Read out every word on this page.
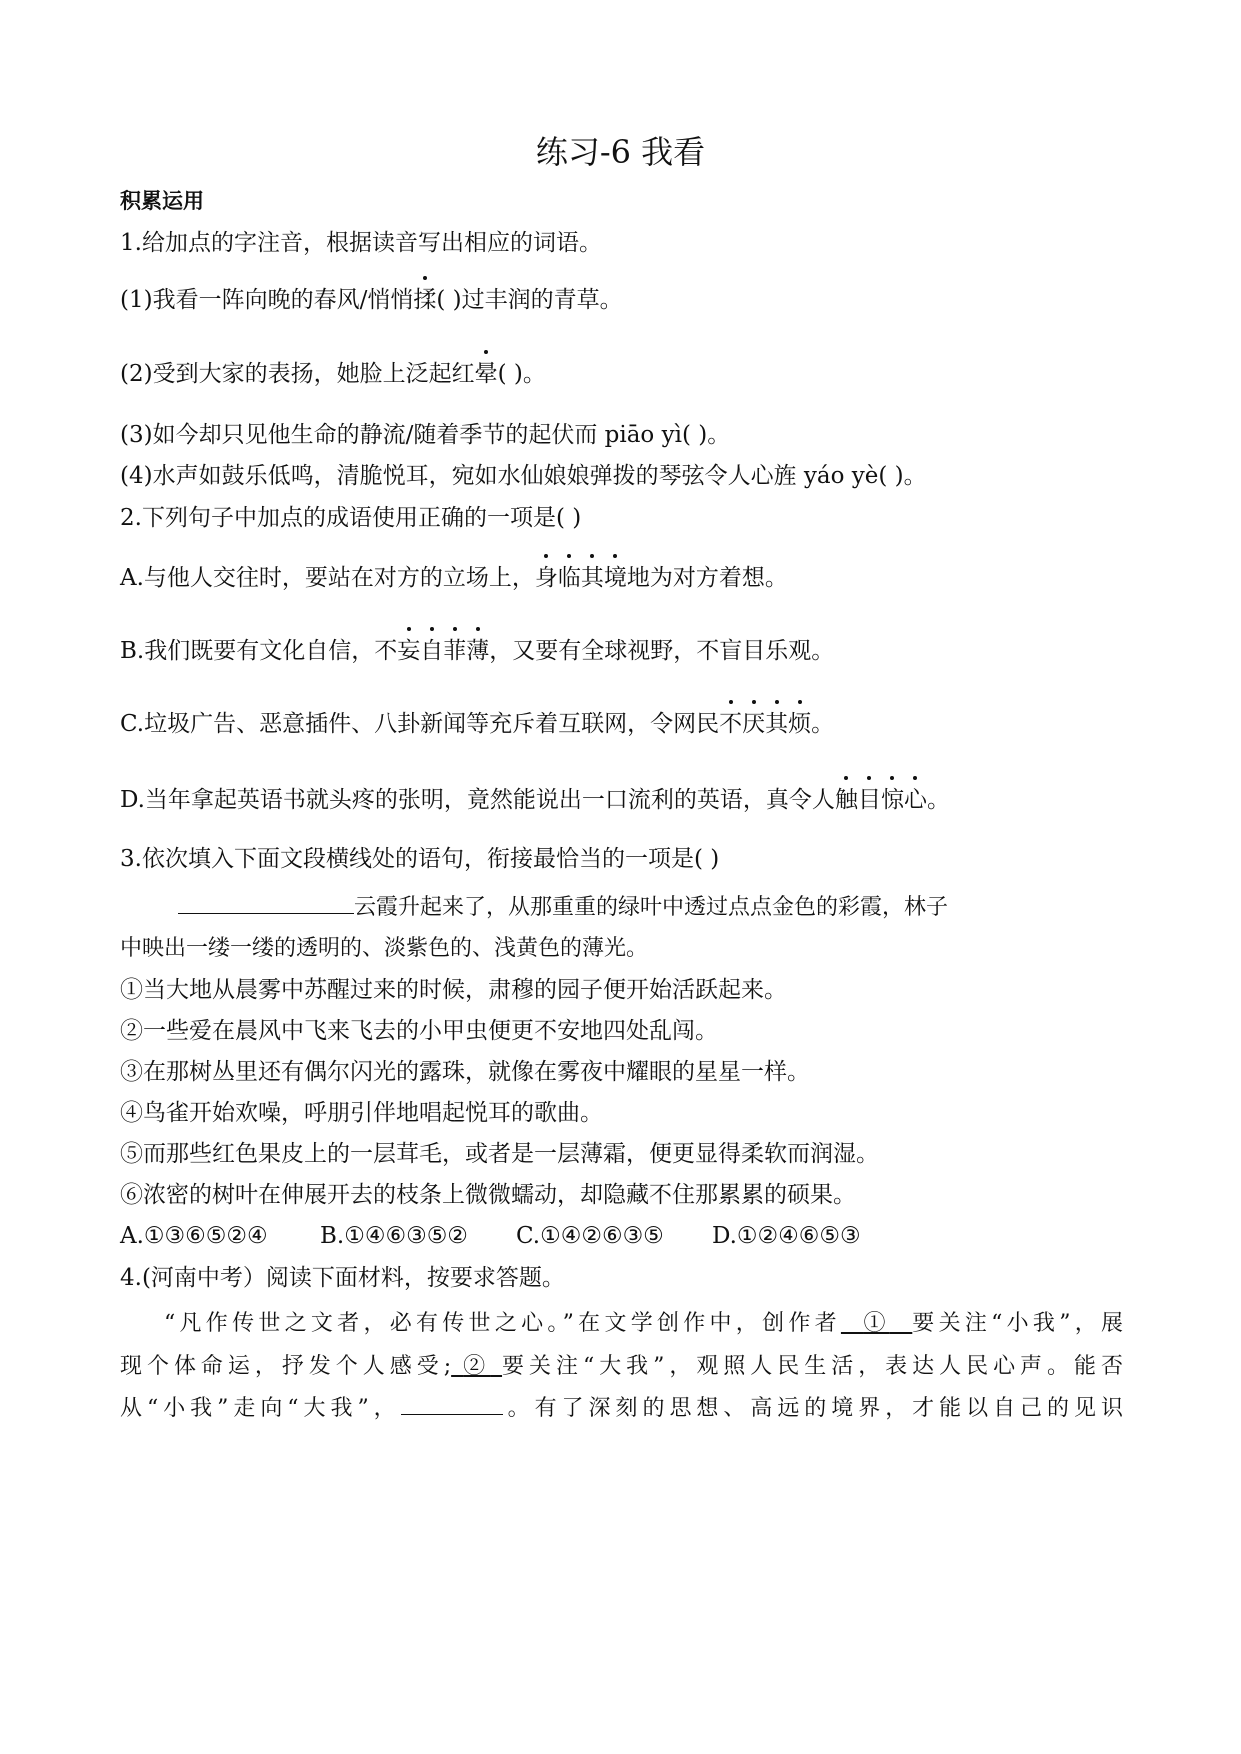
练习-6 我看
积累运用
1.给加点的字注音，根据读音写出相应的词语。
(1)我看一阵向晚的春风/悄悄揉( )过丰润的青草。
(2)受到大家的表扬，她脸上泛起红晕( )。
(3)如今却只见他生命的静流/随着季节的起伏而 piāo yì( )。
(4)水声如鼓乐低鸣，清脆悦耳，宛如水仙娘娘弹拨的琴弦令人心旌 yáo yè( )。
2.下列句子中加点的成语使用正确的一项是( )
A.与他人交往时，要站在对方的立场上，身临其境地为对方着想。
B.我们既要有文化自信，不妄自菲薄，又要有全球视野，不盲目乐观。
C.垃圾广告、恶意插件、八卦新闻等充斥着互联网，令网民不厌其烦。
D.当年拿起英语书就头疼的张明，竟然能说出一口流利的英语，真令人触目惊心。
3.依次填入下面文段横线处的语句，衔接最恰当的一项是( )
云霞升起来了，从那重重的绿叶中透过点点金色的彩霞，林子
中映出一缕一缕的透明的、淡紫色的、浅黄色的薄光。
①当大地从晨雾中苏醒过来的时候，肃穆的园子便开始活跃起来。
②一些爱在晨风中飞来飞去的小甲虫便更不安地四处乱闯。
③在那树丛里还有偶尔闪光的露珠，就像在雾夜中耀眼的星星一样。
④鸟雀开始欢噪，呼朋引伴地唱起悦耳的歌曲。
⑤而那些红色果皮上的一层茸毛，或者是一层薄霜，便更显得柔软而润湿。
⑥浓密的树叶在伸展开去的枝条上微微蠕动，却隐藏不住那累累的硕果。
A.①③⑥⑤②④ B.①④⑥③⑤② C.①④②⑥③⑤ D.①②④⑥⑤③
4.(河南中考）阅读下面材料，按要求答题。
“凡作传世之文者，必有传世之心。”在文学创作中，创作者 ① 要关注“小我”，展
现个体命运，抒发个人感受; ② 要关注“大我”，观照人民生活，表达人民心声。能否
从“小我”走向“大我”，	。有了深刻的思想、高远的境界，才能以自己的见识
